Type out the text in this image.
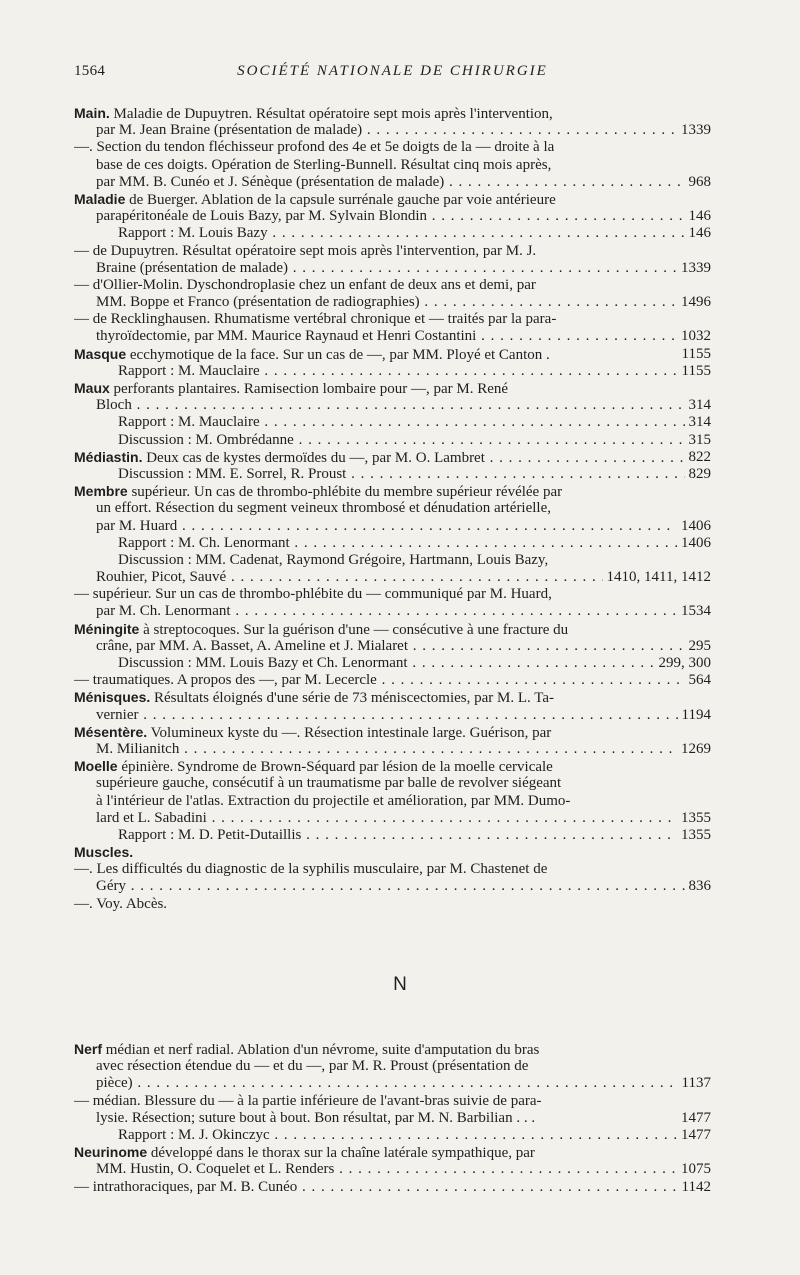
1564	SOCIÉTÉ NATIONALE DE CHIRURGIE
Main. Maladie de Dupuytren. Résultat opératoire sept mois après l'intervention,
par M. Jean Braine (présentation de malade) . . .	1339
—. Section du tendon fléchisseur profond des 4e et 5e doigts de la — droite à la
base de ces doigts. Opération de Sterling-Bunnell. Résultat cinq mois après,
par MM. B. Cunéo et J. Sénèque (présentation de malade) . . .	968
Maladie de Buerger. Ablation de la capsule surrénale gauche par voie antérieure
parapéritonéale de Louis Bazy, par M. Sylvain Blondin . . .	146
Rapport : M. Louis Bazy . . .	146
— de Dupuytren. Résultat opératoire sept mois après l'intervention, par M. J.
Braine (présentation de malade) . . .	1339
— d'Ollier-Molin. Dyschondroplasie chez un enfant de deux ans et demi, par
MM. Boppe et Franco (présentation de radiographies) . . .	1496
— de Recklinghausen. Rhumatisme vertébral chronique et — traités par la para-
thyroïdectomie, par MM. Maurice Raynaud et Henri Costantini . . .	1032
Masque ecchymotique de la face. Sur un cas de —, par MM. Ployé et Canton .	1155
Rapport : M. Mauclaire . . .	1155
Maux perforants plantaires. Ramisection lombaire pour —, par M. René
Bloch . . .	314
Rapport : M. Mauclaire . . .	314
Discussion : M. Ombrédanne . . .	315
Médiastin. Deux cas de kystes dermoïdes du —, par M. O. Lambret . . .	822
Discussion : MM. E. Sorrel, R. Proust . . .	829
Membre supérieur. Un cas de thrombo-phlébite du membre supérieur révélée par
un effort. Résection du segment veineux thrombosé et dénudation artérielle,
par M. Huard . . .	1406
Rapport : M. Ch. Lenormant . . .	1406
Discussion : MM. Cadenat, Raymond Grégoire, Hartmann, Louis Bazy,
Rouhier, Picot, Sauvé . . .	1410, 1411, 1412
— supérieur. Sur un cas de thrombo-phlébite du — communiqué par M. Huard,
par M. Ch. Lenormant . . .	1534
Méningite à streptocoques. Sur la guérison d'une — consécutive à une fracture du
crâne, par MM. A. Basset, A. Ameline et J. Mialaret . . .	295
Discussion : MM. Louis Bazy et Ch. Lenormant . . .	299, 300
— traumatiques. A propos des —, par M. Lecercle . . .	564
Ménisques. Résultats éloignés d'une série de 73 méniscectomies, par M. L. Ta-
vernier . . .	1194
Mésentère. Volumineux kyste du —. Résection intestinale large. Guérison, par
M. Milianitch . . .	1269
Moelle épinière. Syndrome de Brown-Séquard par lésion de la moelle cervicale
supérieure gauche, consécutif à un traumatisme par balle de revolver siégeant
à l'intérieur de l'atlas. Extraction du projectile et amélioration, par MM. Dumo-
lard et L. Sabadini . . .	1355
Rapport : M. D. Petit-Dutaillis . . .	1355
Muscles.
—. Les difficultés du diagnostic de la syphilis musculaire, par M. Chastenet de
Géry . . .	836
—. Voy. Abcès.
N
Nerf médian et nerf radial. Ablation d'un névrome, suite d'amputation du bras
avec résection étendue du — et du —, par M. R. Proust (présentation de
pièce) . . .	1137
— médian. Blessure du — à la partie inférieure de l'avant-bras suivie de para-
lysie. Résection; suture bout à bout. Bon résultat, par M. N. Barbilian . . .	1477
Rapport : M. J. Okinczyc . . .	1477
Neurinome développé dans le thorax sur la chaîne latérale sympathique, par
MM. Hustin, O. Coquelet et L. Renders . . .	1075
— intrathoraciques, par M. B. Cunéo . . .	1142
